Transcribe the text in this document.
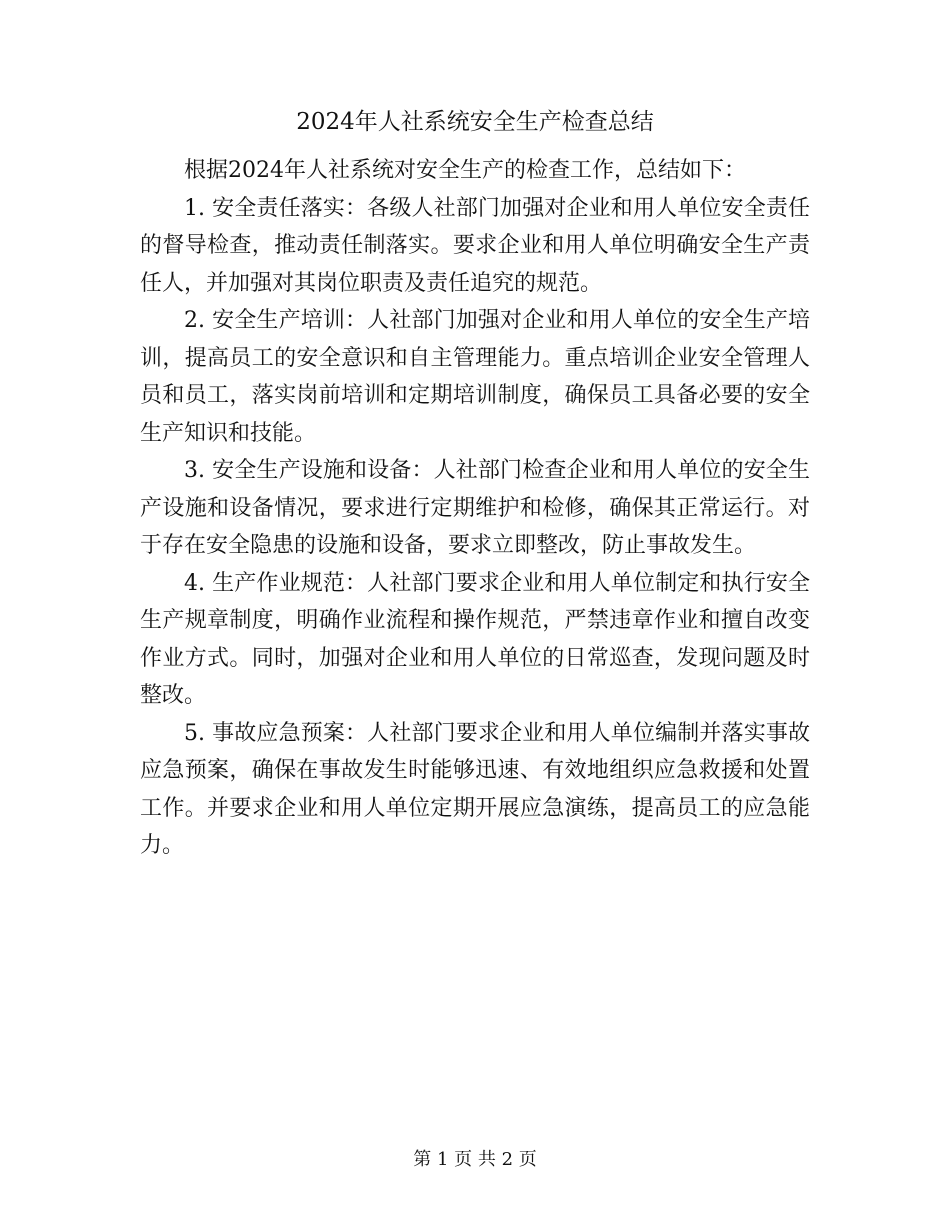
2024年人社系统安全生产检查总结

根据2024年人社系统对安全生产的检查工作，总结如下：

1. 安全责任落实：各级人社部门加强对企业和用人单位安全责任的督导检查，推动责任制落实。要求企业和用人单位明确安全生产责任人，并加强对其岗位职责及责任追究的规范。

2. 安全生产培训：人社部门加强对企业和用人单位的安全生产培训，提高员工的安全意识和自主管理能力。重点培训企业安全管理人员和员工，落实岗前培训和定期培训制度，确保员工具备必要的安全生产知识和技能。

3. 安全生产设施和设备：人社部门检查企业和用人单位的安全生产设施和设备情况，要求进行定期维护和检修，确保其正常运行。对于存在安全隐患的设施和设备，要求立即整改，防止事故发生。

4. 生产作业规范：人社部门要求企业和用人单位制定和执行安全生产规章制度，明确作业流程和操作规范，严禁违章作业和擅自改变作业方式。同时，加强对企业和用人单位的日常巡查，发现问题及时整改。

5. 事故应急预案：人社部门要求企业和用人单位编制并落实事故应急预案，确保在事故发生时能够迅速、有效地组织应急救援和处置工作。并要求企业和用人单位定期开展应急演练，提高员工的应急能力。

第 1 页 共 2 页
